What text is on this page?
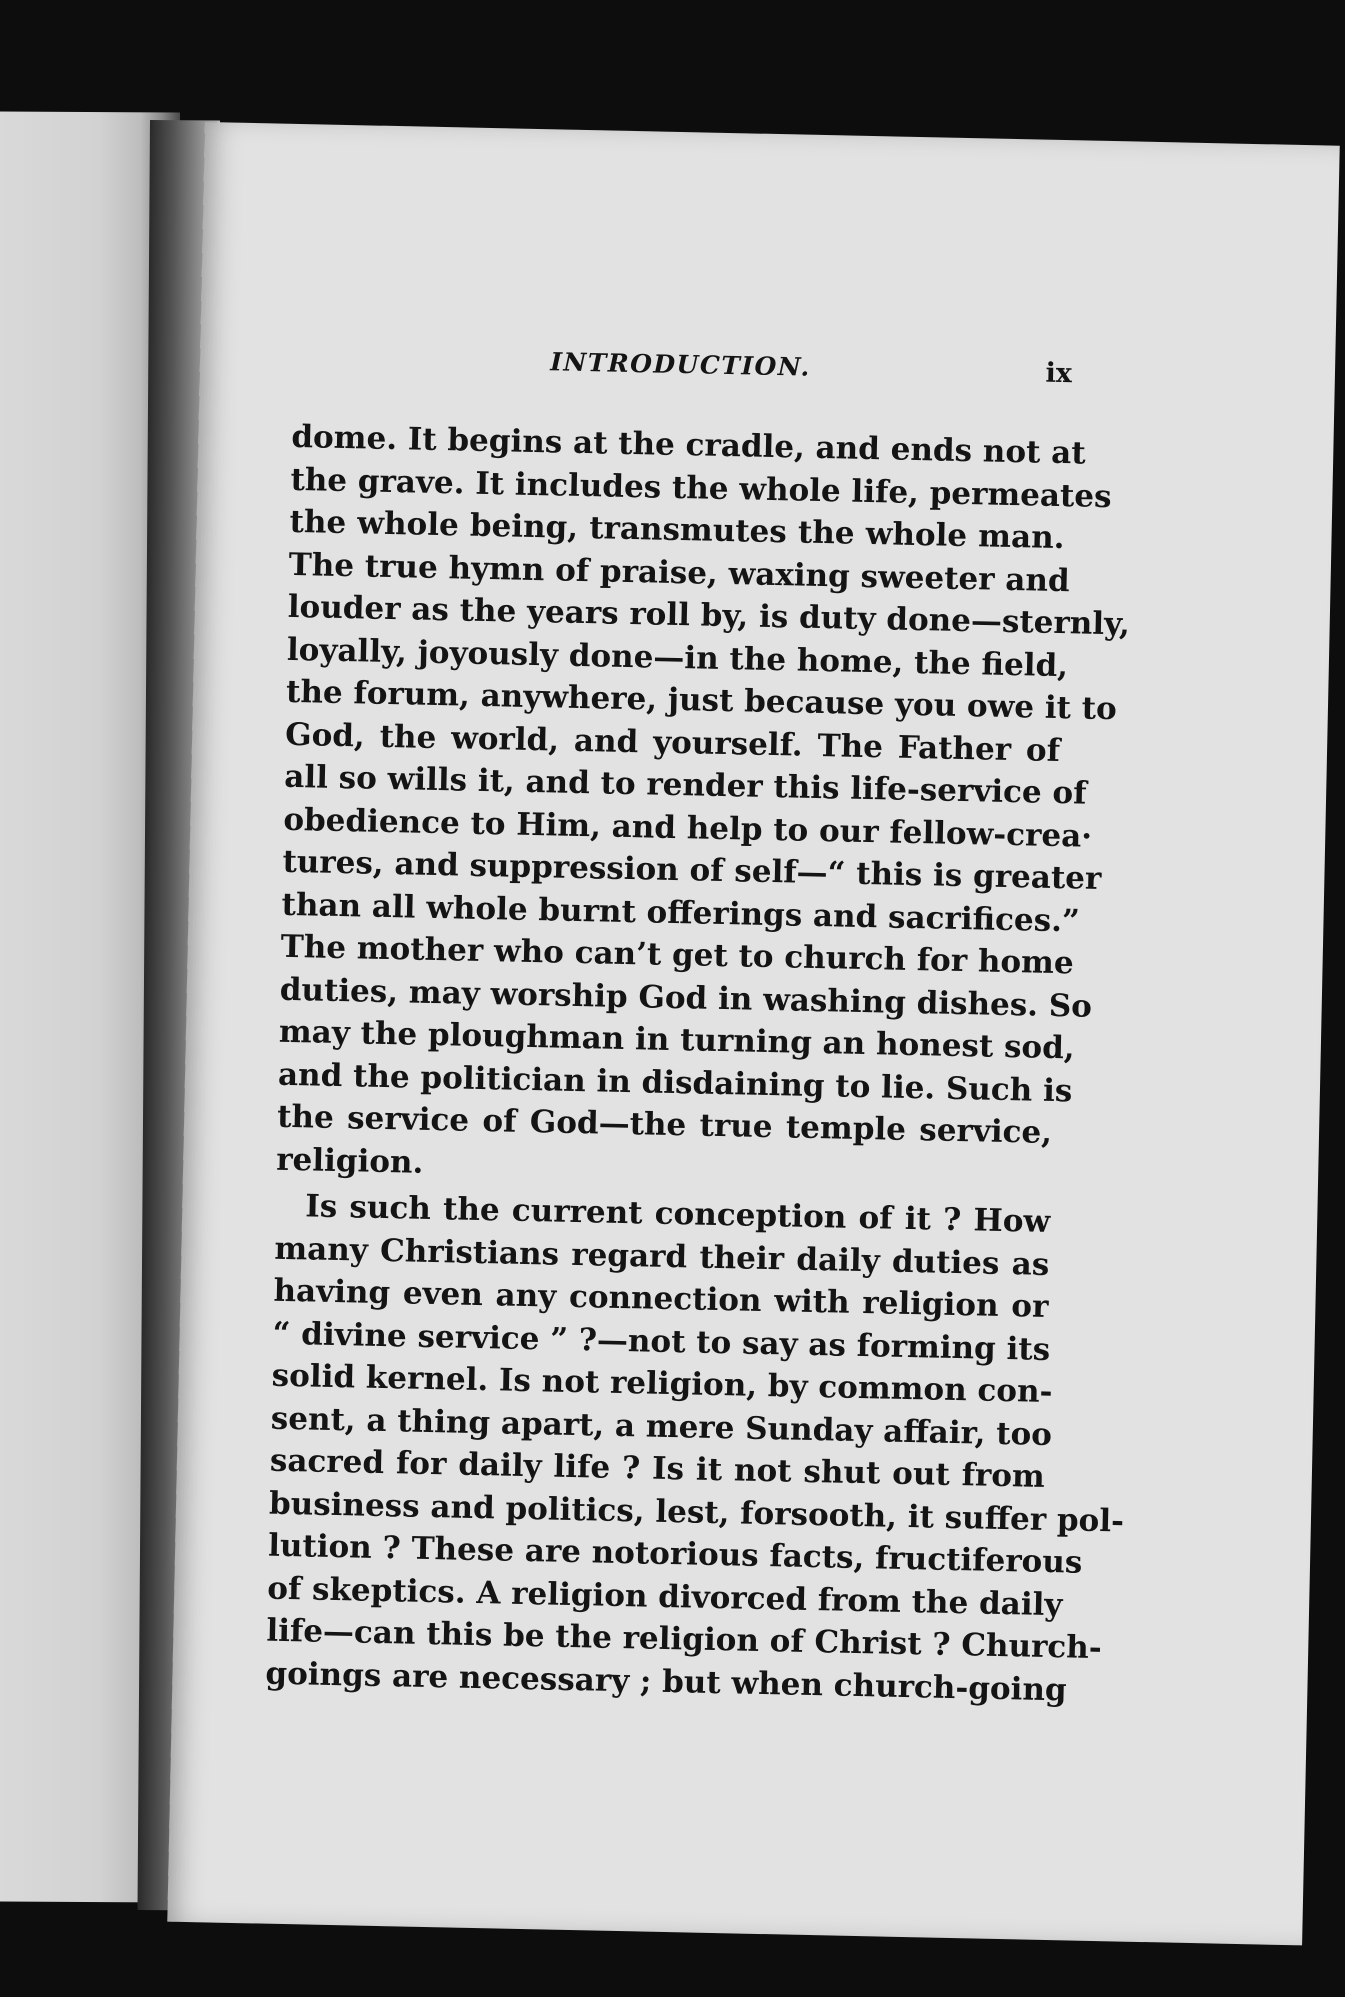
INTRODUCTION.	ix
dome. It begins at the cradle, and ends not at
the grave. It includes the whole life, permeates
the whole being, transmutes the whole man.
The true hymn of praise, waxing sweeter and
louder as the years roll by, is duty done—sternly,
loyally, joyously done—in the home, the field,
the forum, anywhere, just because you owe it to
God, the world, and yourself. The Father of
all so wills it, and to render this life-service of
obedience to Him, and help to our fellow-crea·
tures, and suppression of self—“ this is greater
than all whole burnt offerings and sacrifices.”
The mother who can’t get to church for home
duties, may worship God in washing dishes. So
may the ploughman in turning an honest sod,
and the politician in disdaining to lie. Such is
the service of God—the true temple service,
religion.
Is such the current conception of it ? How
many Christians regard their daily duties as
having even any connection with religion or
“ divine service ” ?—not to say as forming its
solid kernel. Is not religion, by common con-
sent, a thing apart, a mere Sunday affair, too
sacred for daily life ? Is it not shut out from
business and politics, lest, forsooth, it suffer pol-
lution ? These are notorious facts, fructiferous
of skeptics. A religion divorced from the daily
life—can this be the religion of Christ ? Church-
goings are necessary ; but when church-going
